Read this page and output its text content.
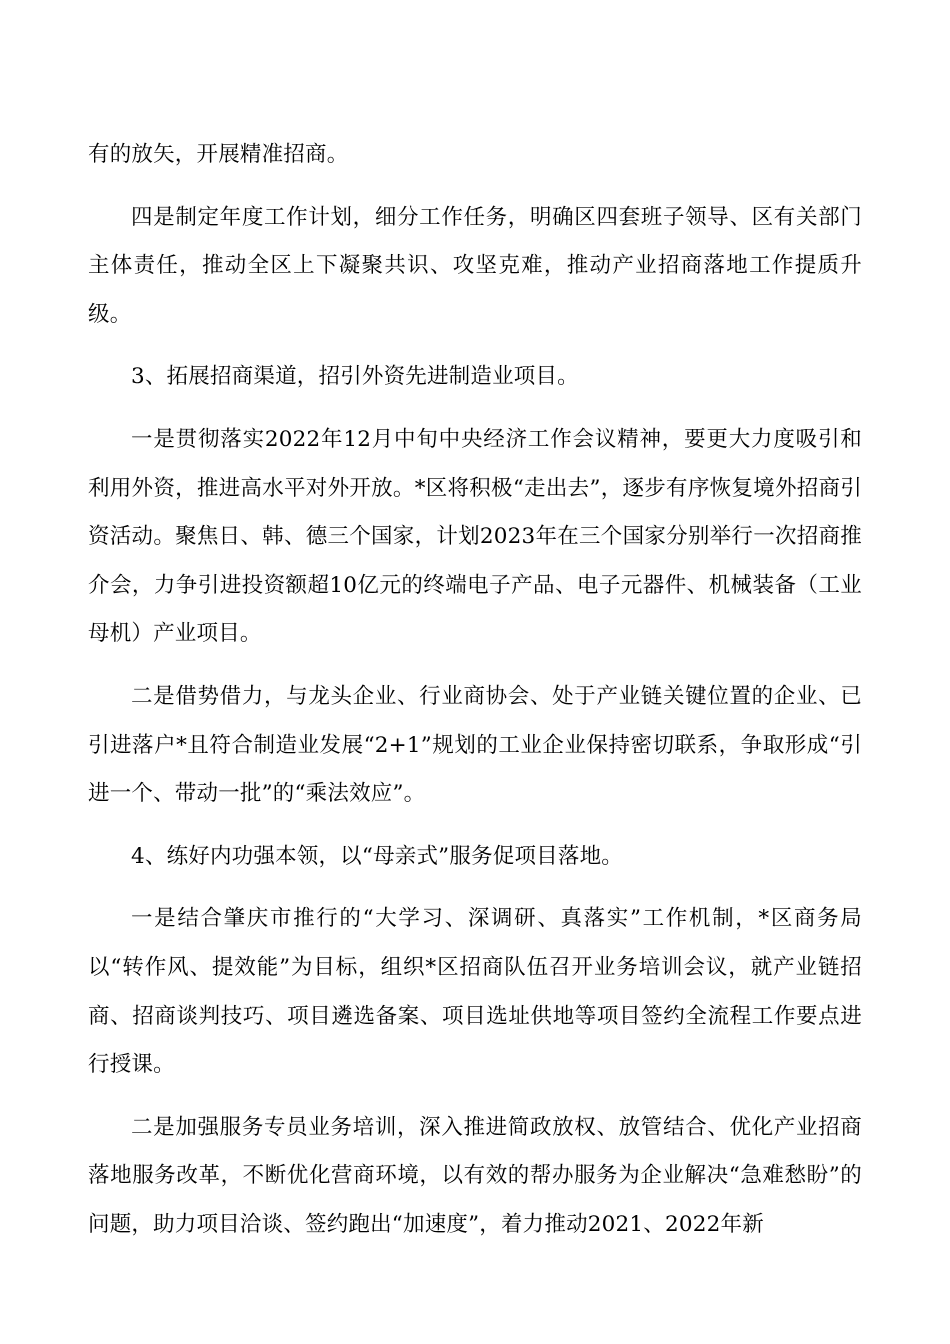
有的放矢，开展精准招商。

四是制定年度工作计划，细分工作任务，明确区四套班子领导、区有关部门主体责任，推动全区上下凝聚共识、攻坚克难，推动产业招商落地工作提质升级。

3、拓展招商渠道，招引外资先进制造业项目。

一是贯彻落实2022年12月中旬中央经济工作会议精神，要更大力度吸引和利用外资，推进高水平对外开放。*区将积极“走出去”，逐步有序恢复境外招商引资活动。聚焦日、韩、德三个国家，计划2023年在三个国家分别举行一次招商推介会，力争引进投资额超10亿元的终端电子产品、电子元器件、机械装备（工业母机）产业项目。

二是借势借力，与龙头企业、行业商协会、处于产业链关键位置的企业、已引进落户*且符合制造业发展“2+1”规划的工业企业保持密切联系，争取形成“引进一个、带动一批”的“乘法效应”。

4、练好内功强本领，以“母亲式”服务促项目落地。

一是结合肇庆市推行的“大学习、深调研、真落实”工作机制，*区商务局以“转作风、提效能”为目标，组织*区招商队伍召开业务培训会议，就产业链招商、招商谈判技巧、项目遴选备案、项目选址供地等项目签约全流程工作要点进行授课。

二是加强服务专员业务培训，深入推进简政放权、放管结合、优化产业招商落地服务改革，不断优化营商环境，以有效的帮办服务为企业解决“急难愁盼”的问题，助力项目洽谈、签约跑出“加速度”，着力推动2021、2022年新
